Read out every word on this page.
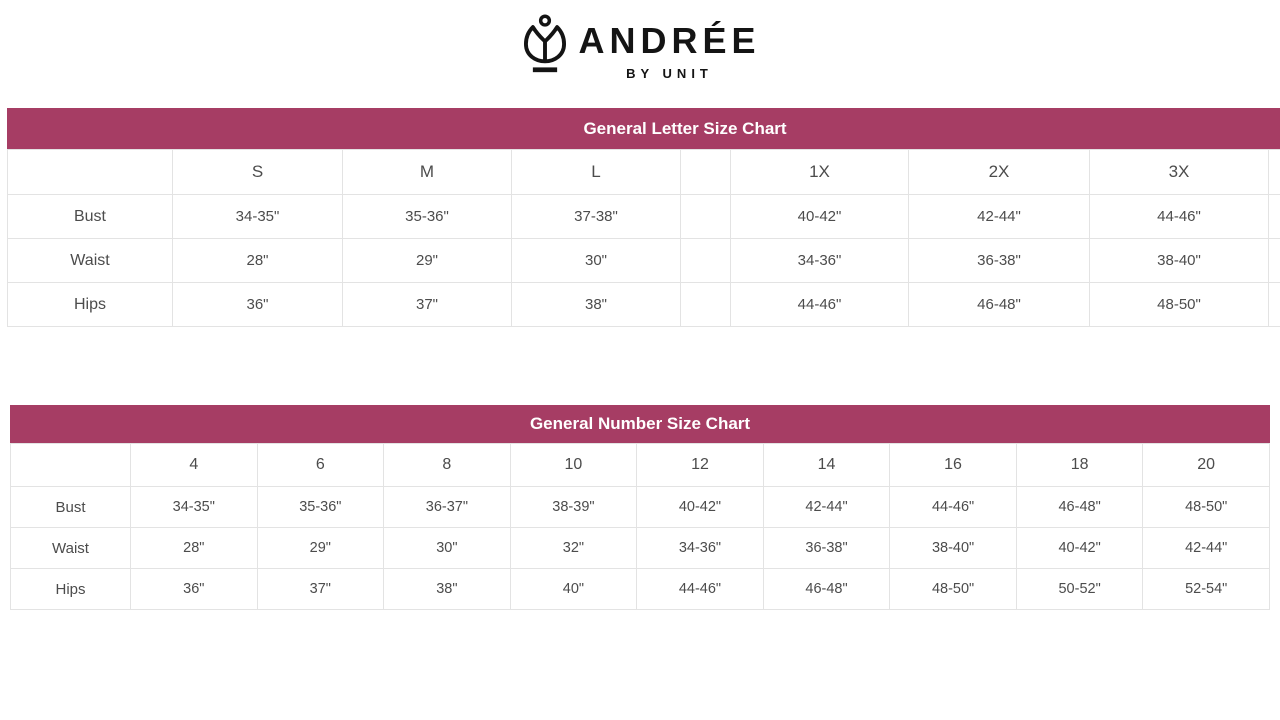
ANDRÉE
BY UNIT
General Letter Size Chart
	S	M	L		1X	2X	3X	
Bust	34-35"	35-36"	37-38"		40-42"	42-44"	44-46"	
Waist	28"	29"	30"		34-36"	36-38"	38-40"	
Hips	36"	37"	38"		44-46"	46-48"	48-50"	
General Number Size Chart
	4	6	8	10	12	14	16	18	20
Bust	34-35"	35-36"	36-37"	38-39"	40-42"	42-44"	44-46"	46-48"	48-50"
Waist	28"	29"	30"	32"	34-36"	36-38"	38-40"	40-42"	42-44"
Hips	36"	37"	38"	40"	44-46"	46-48"	48-50"	50-52"	52-54"
